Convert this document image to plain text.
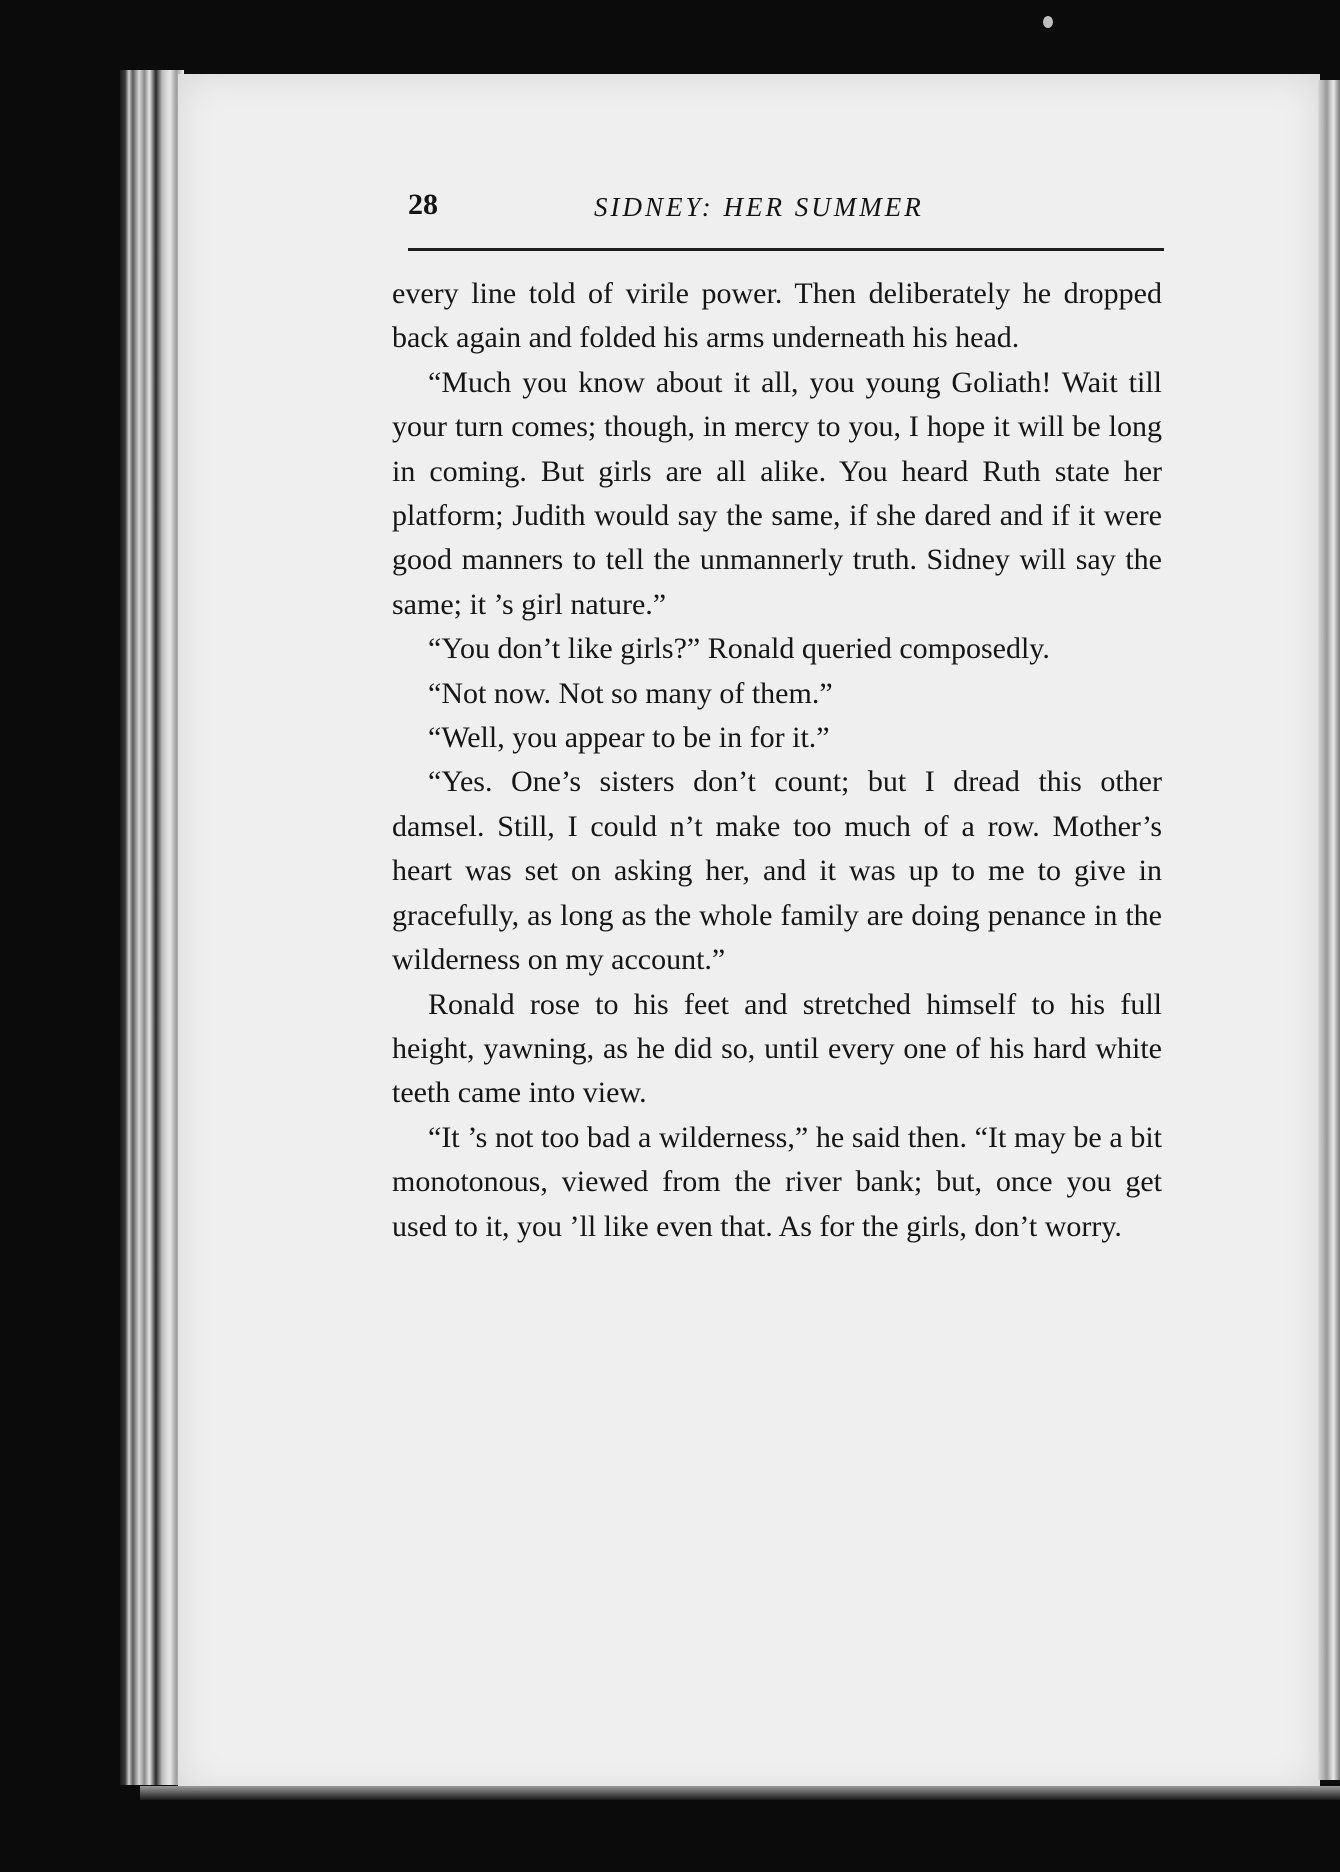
28	SIDNEY: HER SUMMER

every line told of virile power. Then deliberately he dropped back again and folded his arms underneath his head.

“Much you know about it all, you young Goliath! Wait till your turn comes; though, in mercy to you, I hope it will be long in coming. But girls are all alike. You heard Ruth state her platform; Judith would say the same, if she dared and if it were good manners to tell the unmannerly truth. Sidney will say the same; it ’s girl nature.”

“You don’t like girls?” Ronald queried composedly.

“Not now. Not so many of them.”

“Well, you appear to be in for it.”

“Yes. One’s sisters don’t count; but I dread this other damsel. Still, I could n’t make too much of a row. Mother’s heart was set on asking her, and it was up to me to give in gracefully, as long as the whole family are doing penance in the wilderness on my account.”

Ronald rose to his feet and stretched himself to his full height, yawning, as he did so, until every one of his hard white teeth came into view.

“It ’s not too bad a wilderness,” he said then. “It may be a bit monotonous, viewed from the river bank; but, once you get used to it, you ’ll like even that. As for the girls, don’t worry.
